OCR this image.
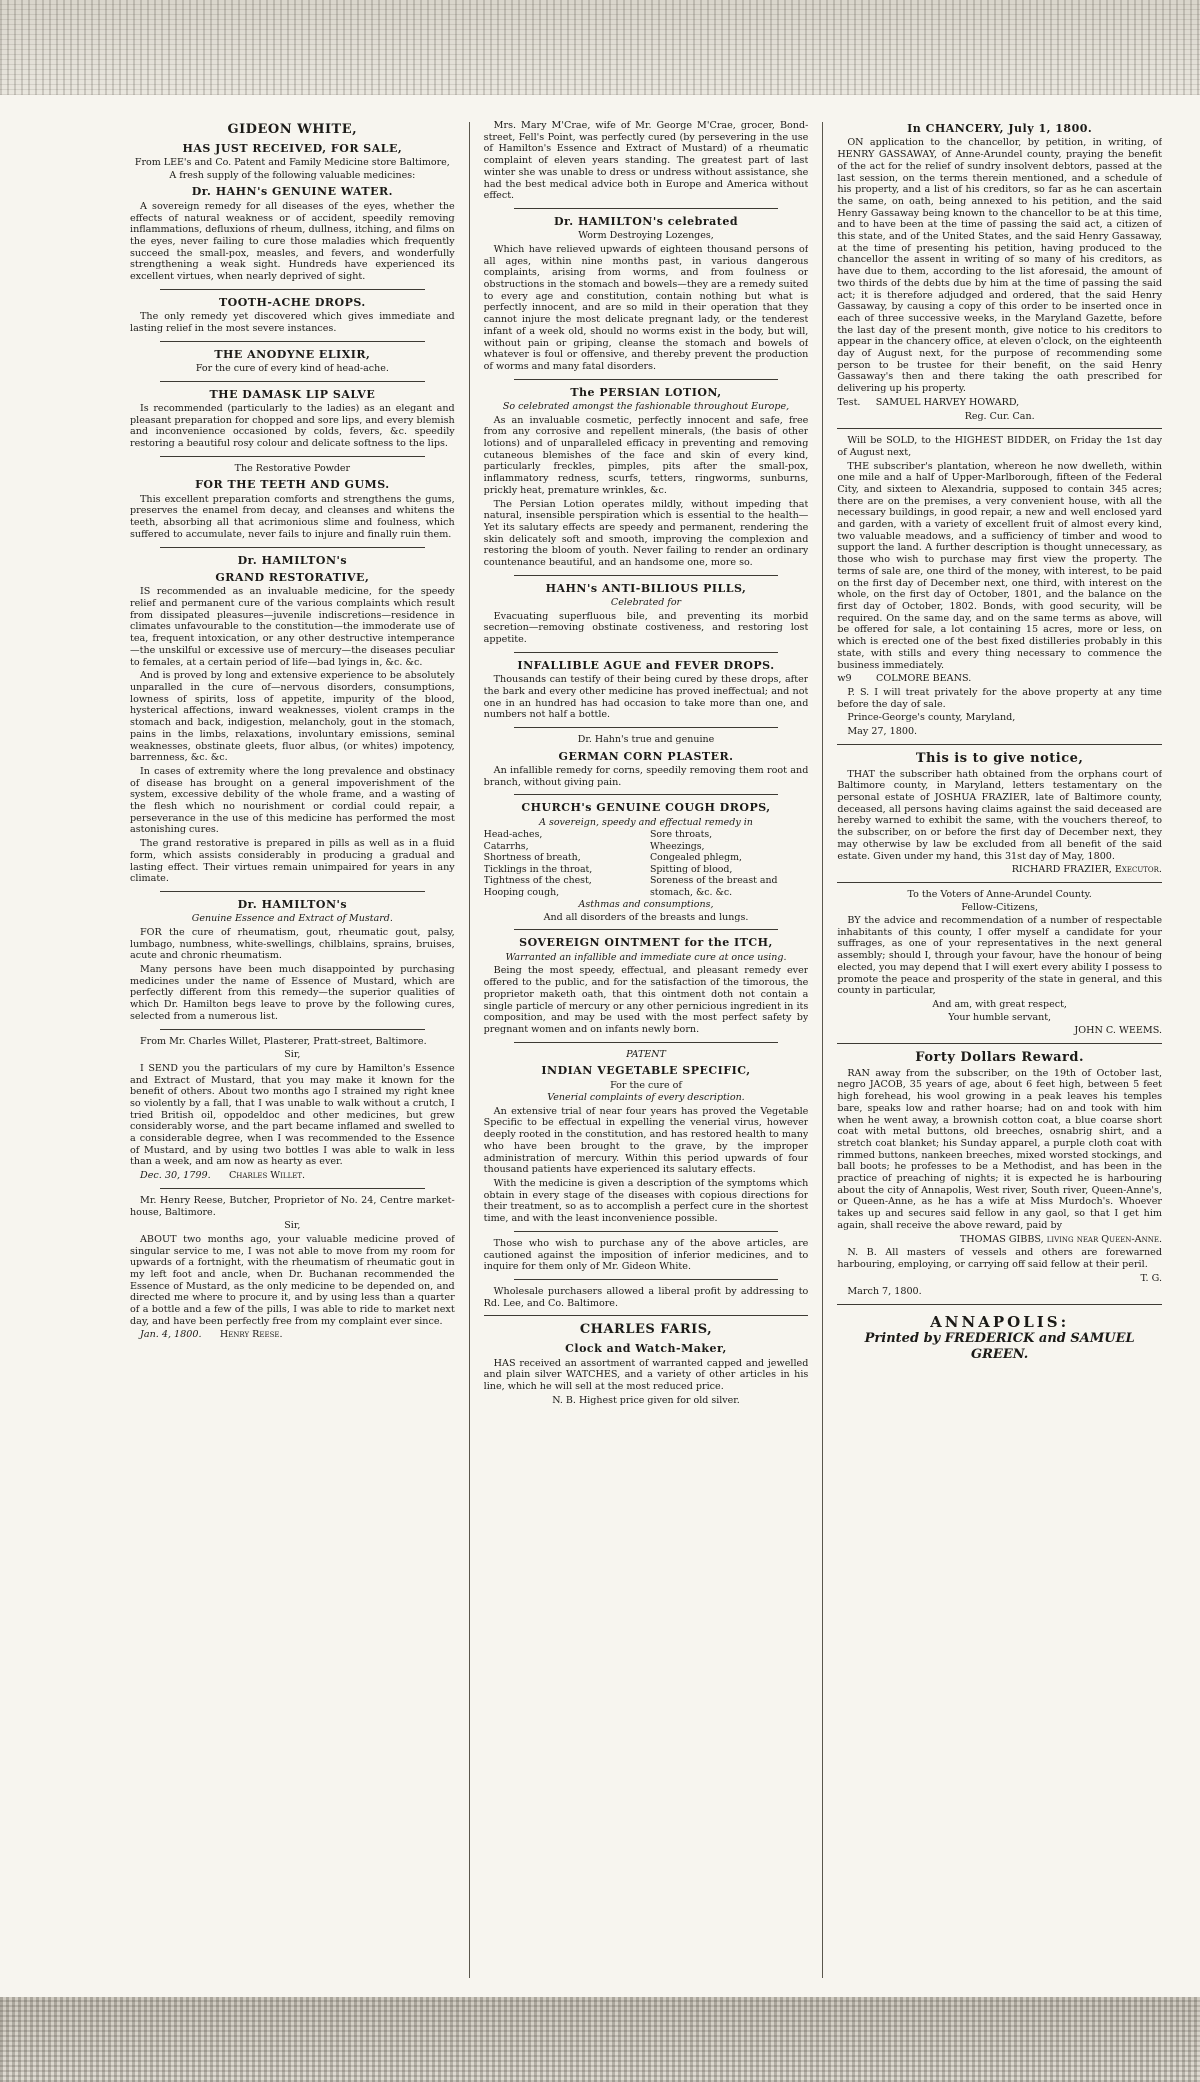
GIDEON WHITE,
HAS JUST RECEIVED, FOR SALE,
From LEE's and Co. Patent and Family Medicine store Baltimore,
A fresh supply of the following valuable medicines:
Dr. HAHN's GENUINE WATER.

A sovereign remedy for all diseases of the eyes, whether the effects of natural weakness or of accident, speedily removing inflammations, defluxions of rheum, dullness, itching, and films on the eyes, never failing to cure those maladies which frequently succeed the small-pox, measles, and fevers, and wonderfully strengthening a weak sight. Hundreds have experienced its excellent virtues, when nearly deprived of sight.

TOOTH-ACHE DROPS.

The only remedy yet discovered which gives immediate and lasting relief in the most severe instances.

THE ANODYNE ELIXIR,
For the cure of every kind of head-ache.
THE DAMASK LIP SALVE

Is recommended (particularly to the ladies) as an elegant and pleasant preparation for chopped and sore lips, and every blemish and inconvenience occasioned by colds, fevers, &c. speedily restoring a beautiful rosy colour and delicate softness to the lips.

The Restorative Powder
FOR THE TEETH AND GUMS.

This excellent preparation comforts and strengthens the gums, preserves the enamel from decay, and cleanses and whitens the teeth, absorbing all that acrimonious slime and foulness, which suffered to accumulate, never fails to injure and finally ruin them.

Dr. HAMILTON's
GRAND RESTORATIVE,

IS recommended as an invaluable medicine, for the speedy relief and permanent cure of the various complaints which result from dissipated pleasures—juvenile indiscretions—residence in climates unfavourable to the constitution—the immoderate use of tea, frequent intoxication, or any other destructive intemperance—the unskilful or excessive use of mercury—the diseases peculiar to females, at a certain period of life—bad lyings in, &c. &c.

And is proved by long and extensive experience to be absolutely unparalled in the cure of—nervous disorders, consumptions, lowness of spirits, loss of appetite, impurity of the blood, hysterical affections, inward weaknesses, violent cramps in the stomach and back, indigestion, melancholy, gout in the stomach, pains in the limbs, relaxations, involuntary emissions, seminal weaknesses, obstinate gleets, fluor albus, (or whites) impotency, barrenness, &c. &c.

In cases of extremity where the long prevalence and obstinacy of disease has brought on a general impoverishment of the system, excessive debility of the whole frame, and a wasting of the flesh which no nourishment or cordial could repair, a perseverance in the use of this medicine has performed the most astonishing cures.

The grand restorative is prepared in pills as well as in a fluid form, which assists considerably in producing a gradual and lasting effect. Their virtues remain unimpaired for years in any climate.

Dr. HAMILTON's
Genuine Essence and Extract of Mustard.

FOR the cure of rheumatism, gout, rheumatic gout, palsy, lumbago, numbness, white-swellings, chilblains, sprains, bruises, acute and chronic rheumatism.

Many persons have been much disappointed by purchasing medicines under the name of Essence of Mustard, which are perfectly different from this remedy—the superior qualities of which Dr. Hamilton begs leave to prove by the following cures, selected from a numerous list.

From Mr. Charles Willet, Plasterer, Pratt-street, Baltimore.

Sir,

I SEND you the particulars of my cure by Hamilton's Essence and Extract of Mustard, that you may make it known for the benefit of others. About two months ago I strained my right knee so violently by a fall, that I was unable to walk without a crutch, I tried British oil, oppodeldoc and other medicines, but grew considerably worse, and the part became inflamed and swelled to a considerable degree, when I was recommended to the Essence of Mustard, and by using two bottles I was able to walk in less than a week, and am now as hearty as ever.

Dec. 30, 1799. Charles Willet.

Mr. Henry Reese, Butcher, Proprietor of No. 24, Centre market-house, Baltimore.

Sir,

ABOUT two months ago, your valuable medicine proved of singular service to me, I was not able to move from my room for upwards of a fortnight, with the rheumatism of rheumatic gout in my left foot and ancle, when Dr. Buchanan recommended the Essence of Mustard, as the only medicine to be depended on, and directed me where to procure it, and by using less than a quarter of a bottle and a few of the pills, I was able to ride to market next day, and have been perfectly free from my complaint ever since.

Jan. 4, 1800. Henry Reese.

Mrs. Mary M'Crae, wife of Mr. George M'Crae, grocer, Bond-street, Fell's Point, was perfectly cured (by persevering in the use of Hamilton's Essence and Extract of Mustard) of a rheumatic complaint of eleven years standing. The greatest part of last winter she was unable to dress or undress without assistance, she had the best medical advice both in Europe and America without effect.

Dr. HAMILTON's celebrated
Worm Destroying Lozenges,

Which have relieved upwards of eighteen thousand persons of all ages, within nine months past, in various dangerous complaints, arising from worms, and from foulness or obstructions in the stomach and bowels—they are a remedy suited to every age and constitution, contain nothing but what is perfectly innocent, and are so mild in their operation that they cannot injure the most delicate pregnant lady, or the tenderest infant of a week old, should no worms exist in the body, but will, without pain or griping, cleanse the stomach and bowels of whatever is foul or offensive, and thereby prevent the production of worms and many fatal disorders.

The PERSIAN LOTION,
So celebrated amongst the fashionable throughout Europe,

As an invaluable cosmetic, perfectly innocent and safe, free from any corrosive and repellent minerals, (the basis of other lotions) and of unparalleled efficacy in preventing and removing cutaneous blemishes of the face and skin of every kind, particularly freckles, pimples, pits after the small-pox, inflammatory redness, scurfs, tetters, ringworms, sunburns, prickly heat, premature wrinkles, &c.

The Persian Lotion operates mildly, without impeding that natural, insensible perspiration which is essential to the health—Yet its salutary effects are speedy and permanent, rendering the skin delicately soft and smooth, improving the complexion and restoring the bloom of youth. Never failing to render an ordinary countenance beautiful, and an handsome one, more so.

HAHN's ANTI-BILIOUS PILLS,
Celebrated for

Evacuating superfluous bile, and preventing its morbid secretion—removing obstinate costiveness, and restoring lost appetite.

INFALLIBLE AGUE and FEVER DROPS.

Thousands can testify of their being cured by these drops, after the bark and every other medicine has proved ineffectual; and not one in an hundred has had occasion to take more than one, and numbers not half a bottle.

Dr. Hahn's true and genuine
GERMAN CORN PLASTER.

An infallible remedy for corns, speedily removing them root and branch, without giving pain.

CHURCH's GENUINE COUGH DROPS,
A sovereign, speedy and effectual remedy in
Head-aches,
Catarrhs,
Shortness of breath,
Ticklings in the throat,
Tightness of the chest,
Hooping cough,
Sore throats,
Wheezings,
Congealed phlegm,
Spitting of blood,
Soreness of the breast and
stomach, &c. &c.
Asthmas and consumptions,
And all disorders of the breasts and lungs.
SOVEREIGN OINTMENT for the ITCH,
Warranted an infallible and immediate cure at once using.

Being the most speedy, effectual, and pleasant remedy ever offered to the public, and for the satisfaction of the timorous, the proprietor maketh oath, that this ointment doth not contain a single particle of mercury or any other pernicious ingredient in its composition, and may be used with the most perfect safety by pregnant women and on infants newly born.

PATENT
INDIAN VEGETABLE SPECIFIC,
For the cure of
Venerial complaints of every description.

An extensive trial of near four years has proved the Vegetable Specific to be effectual in expelling the venerial virus, however deeply rooted in the constitution, and has restored health to many who have been brought to the grave, by the improper administration of mercury. Within this period upwards of four thousand patients have experienced its salutary effects.

With the medicine is given a description of the symptoms which obtain in every stage of the diseases with copious directions for their treatment, so as to accomplish a perfect cure in the shortest time, and with the least inconvenience possible.

Those who wish to purchase any of the above articles, are cautioned against the imposition of inferior medicines, and to inquire for them only of Mr. Gideon White.

Wholesale purchasers allowed a liberal profit by addressing to Rd. Lee, and Co. Baltimore.

CHARLES FARIS,
Clock and Watch-Maker,

HAS received an assortment of warranted capped and jewelled and plain silver WATCHES, and a variety of other articles in his line, which he will sell at the most reduced price.

N. B. Highest price given for old silver.
In CHANCERY, July 1, 1800.

ON application to the chancellor, by petition, in writing, of HENRY GASSAWAY, of Anne-Arundel county, praying the benefit of the act for the relief of sundry insolvent debtors, passed at the last session, on the terms therein mentioned, and a schedule of his property, and a list of his creditors, so far as he can ascertain the same, on oath, being annexed to his petition, and the said Henry Gassaway being known to the chancellor to be at this time, and to have been at the time of passing the said act, a citizen of this state, and of the United States, and the said Henry Gassaway, at the time of presenting his petition, having produced to the chancellor the assent in writing of so many of his creditors, as have due to them, according to the list aforesaid, the amount of two thirds of the debts due by him at the time of passing the said act; it is therefore adjudged and ordered, that the said Henry Gassaway, by causing a copy of this order to be inserted once in each of three successive weeks, in the Maryland Gazette, before the last day of the present month, give notice to his creditors to appear in the chancery office, at eleven o'clock, on the eighteenth day of August next, for the purpose of recommending some person to be trustee for their benefit, on the said Henry Gassaway's then and there taking the oath prescribed for delivering up his property.

Test. SAMUEL HARVEY HOWARD,

Reg. Cur. Can.

Will be SOLD, to the HIGHEST BIDDER, on Friday the 1st day of August next,

THE subscriber's plantation, whereon he now dwelleth, within one mile and a half of Upper-Marlborough, fifteen of the Federal City, and sixteen to Alexandria, supposed to contain 345 acres; there are on the premises, a very convenient house, with all the necessary buildings, in good repair, a new and well enclosed yard and garden, with a variety of excellent fruit of almost every kind, two valuable meadows, and a sufficiency of timber and wood to support the land. A further description is thought unnecessary, as those who wish to purchase may first view the property. The terms of sale are, one third of the money, with interest, to be paid on the first day of December next, one third, with interest on the whole, on the first day of October, 1801, and the balance on the first day of October, 1802. Bonds, with good security, will be required. On the same day, and on the same terms as above, will be offered for sale, a lot containing 15 acres, more or less, on which is erected one of the best fixed distilleries probably in this state, with stills and every thing necessary to commence the business immediately.

w9	COLMORE BEANS.

P. S. I will treat privately for the above property at any time before the day of sale.

Prince-George's county, Maryland,

May 27, 1800.

This is to give notice,

THAT the subscriber hath obtained from the orphans court of Baltimore county, in Maryland, letters testamentary on the personal estate of JOSHUA FRAZIER, late of Baltimore county, deceased, all persons having claims against the said deceased are hereby warned to exhibit the same, with the vouchers thereof, to the subscriber, on or before the first day of December next, they may otherwise by law be excluded from all benefit of the said estate. Given under my hand, this 31st day of May, 1800.

RICHARD FRAZIER, Executor.
To the Voters of Anne-Arundel County.
Fellow-Citizens,

BY the advice and recommendation of a number of respectable inhabitants of this county, I offer myself a candidate for your suffrages, as one of your representatives in the next general assembly; should I, through your favour, have the honour of being elected, you may depend that I will exert every ability I possess to promote the peace and prosperity of the state in general, and this county in particular,

And am, with great respect,
Your humble servant,
JOHN C. WEEMS.
Forty Dollars Reward.

RAN away from the subscriber, on the 19th of October last, negro JACOB, 35 years of age, about 6 feet high, between 5 feet high forehead, his wool growing in a peak leaves his temples bare, speaks low and rather hoarse; had on and took with him when he went away, a brownish cotton coat, a blue coarse short coat with metal buttons, old breeches, osnabrig shirt, and a stretch coat blanket; his Sunday apparel, a purple cloth coat with rimmed buttons, nankeen breeches, mixed worsted stockings, and ball boots; he professes to be a Methodist, and has been in the practice of preaching of nights; it is expected he is harbouring about the city of Annapolis, West river, South river, Queen-Anne's, or Queen-Anne, as he has a wife at Miss Murdoch's. Whoever takes up and secures said fellow in any gaol, so that I get him again, shall receive the above reward, paid by

THOMAS GIBBS, living near Queen-Anne.

N. B. All masters of vessels and others are forewarned harbouring, employing, or carrying off said fellow at their peril.

T. G.

March 7, 1800.

ANNAPOLIS:
Printed by FREDERICK and SAMUEL GREEN.
